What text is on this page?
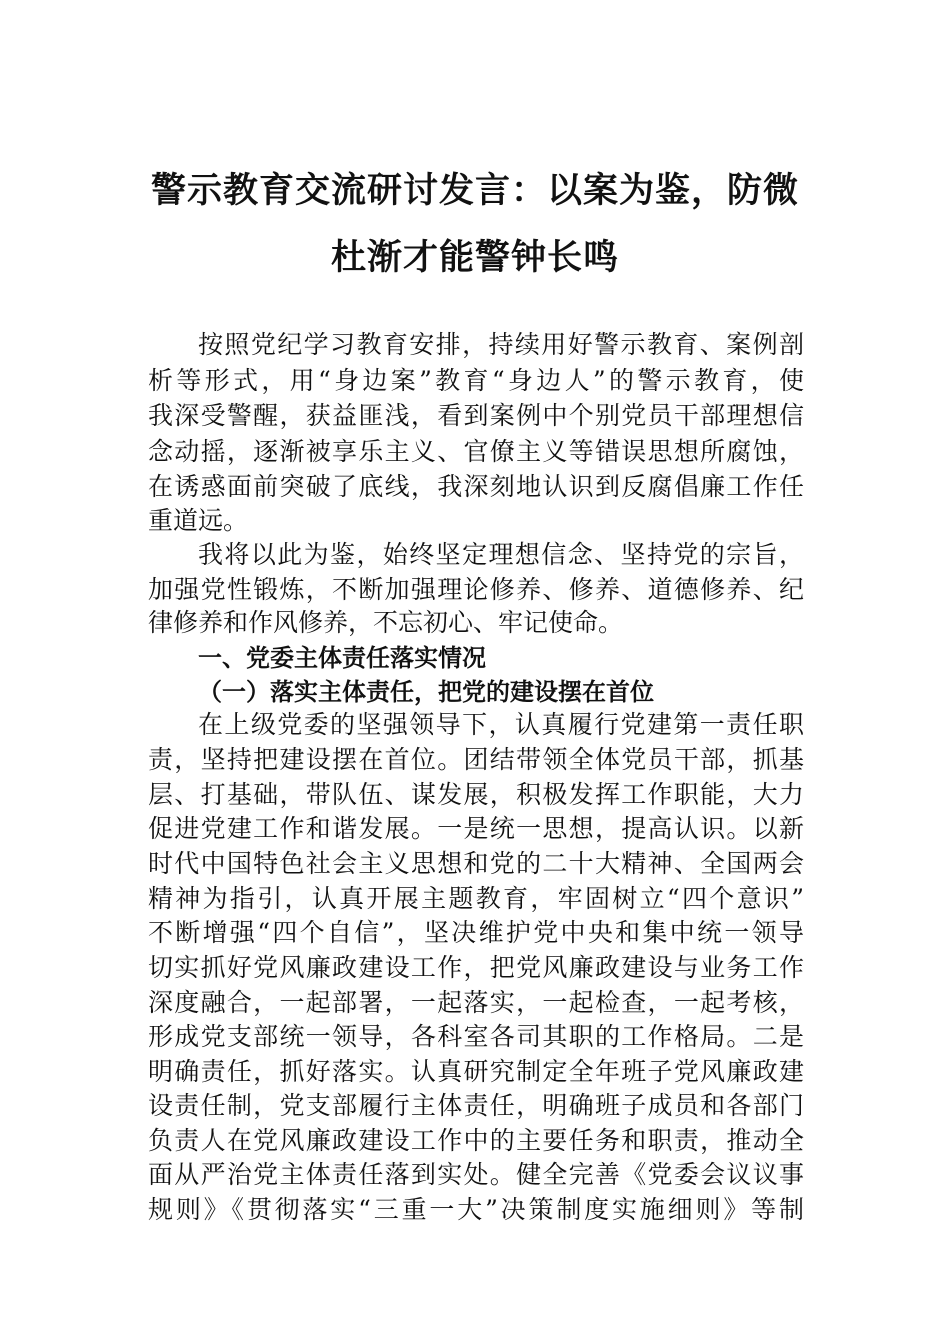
警示教育交流研讨发言：以案为鉴，防微
杜渐才能警钟长鸣
按照党纪学习教育安排，持续用好警示教育、案例剖
析等形式，用“身边案”教育“身边人”的警示教育，使
我深受警醒，获益匪浅，看到案例中个别党员干部理想信
念动摇，逐渐被享乐主义、官僚主义等错误思想所腐蚀，
在诱惑面前突破了底线，我深刻地认识到反腐倡廉工作任
重道远。
我将以此为鉴，始终坚定理想信念、坚持党的宗旨，
加强党性锻炼，不断加强理论修养、修养、道德修养、纪
律修养和作风修养，不忘初心、牢记使命。
一、党委主体责任落实情况
（一）落实主体责任，把党的建设摆在首位
在上级党委的坚强领导下，认真履行党建第一责任职
责，坚持把建设摆在首位。团结带领全体党员干部，抓基
层、打基础，带队伍、谋发展，积极发挥工作职能，大力
促进党建工作和谐发展。一是统一思想，提高认识。以新
时代中国特色社会主义思想和党的二十大精神、全国两会
精神为指引，认真开展主题教育，牢固树立“四个意识”
不断增强“四个自信”，坚决维护党中央和集中统一领导
切实抓好党风廉政建设工作，把党风廉政建设与业务工作
深度融合，一起部署，一起落实，一起检查，一起考核，
形成党支部统一领导，各科室各司其职的工作格局。二是
明确责任，抓好落实。认真研究制定全年班子党风廉政建
设责任制，党支部履行主体责任，明确班子成员和各部门
负责人在党风廉政建设工作中的主要任务和职责，推动全
面从严治党主体责任落到实处。健全完善《党委会议议事
规则》《贯彻落实“三重一大”决策制度实施细则》等制
